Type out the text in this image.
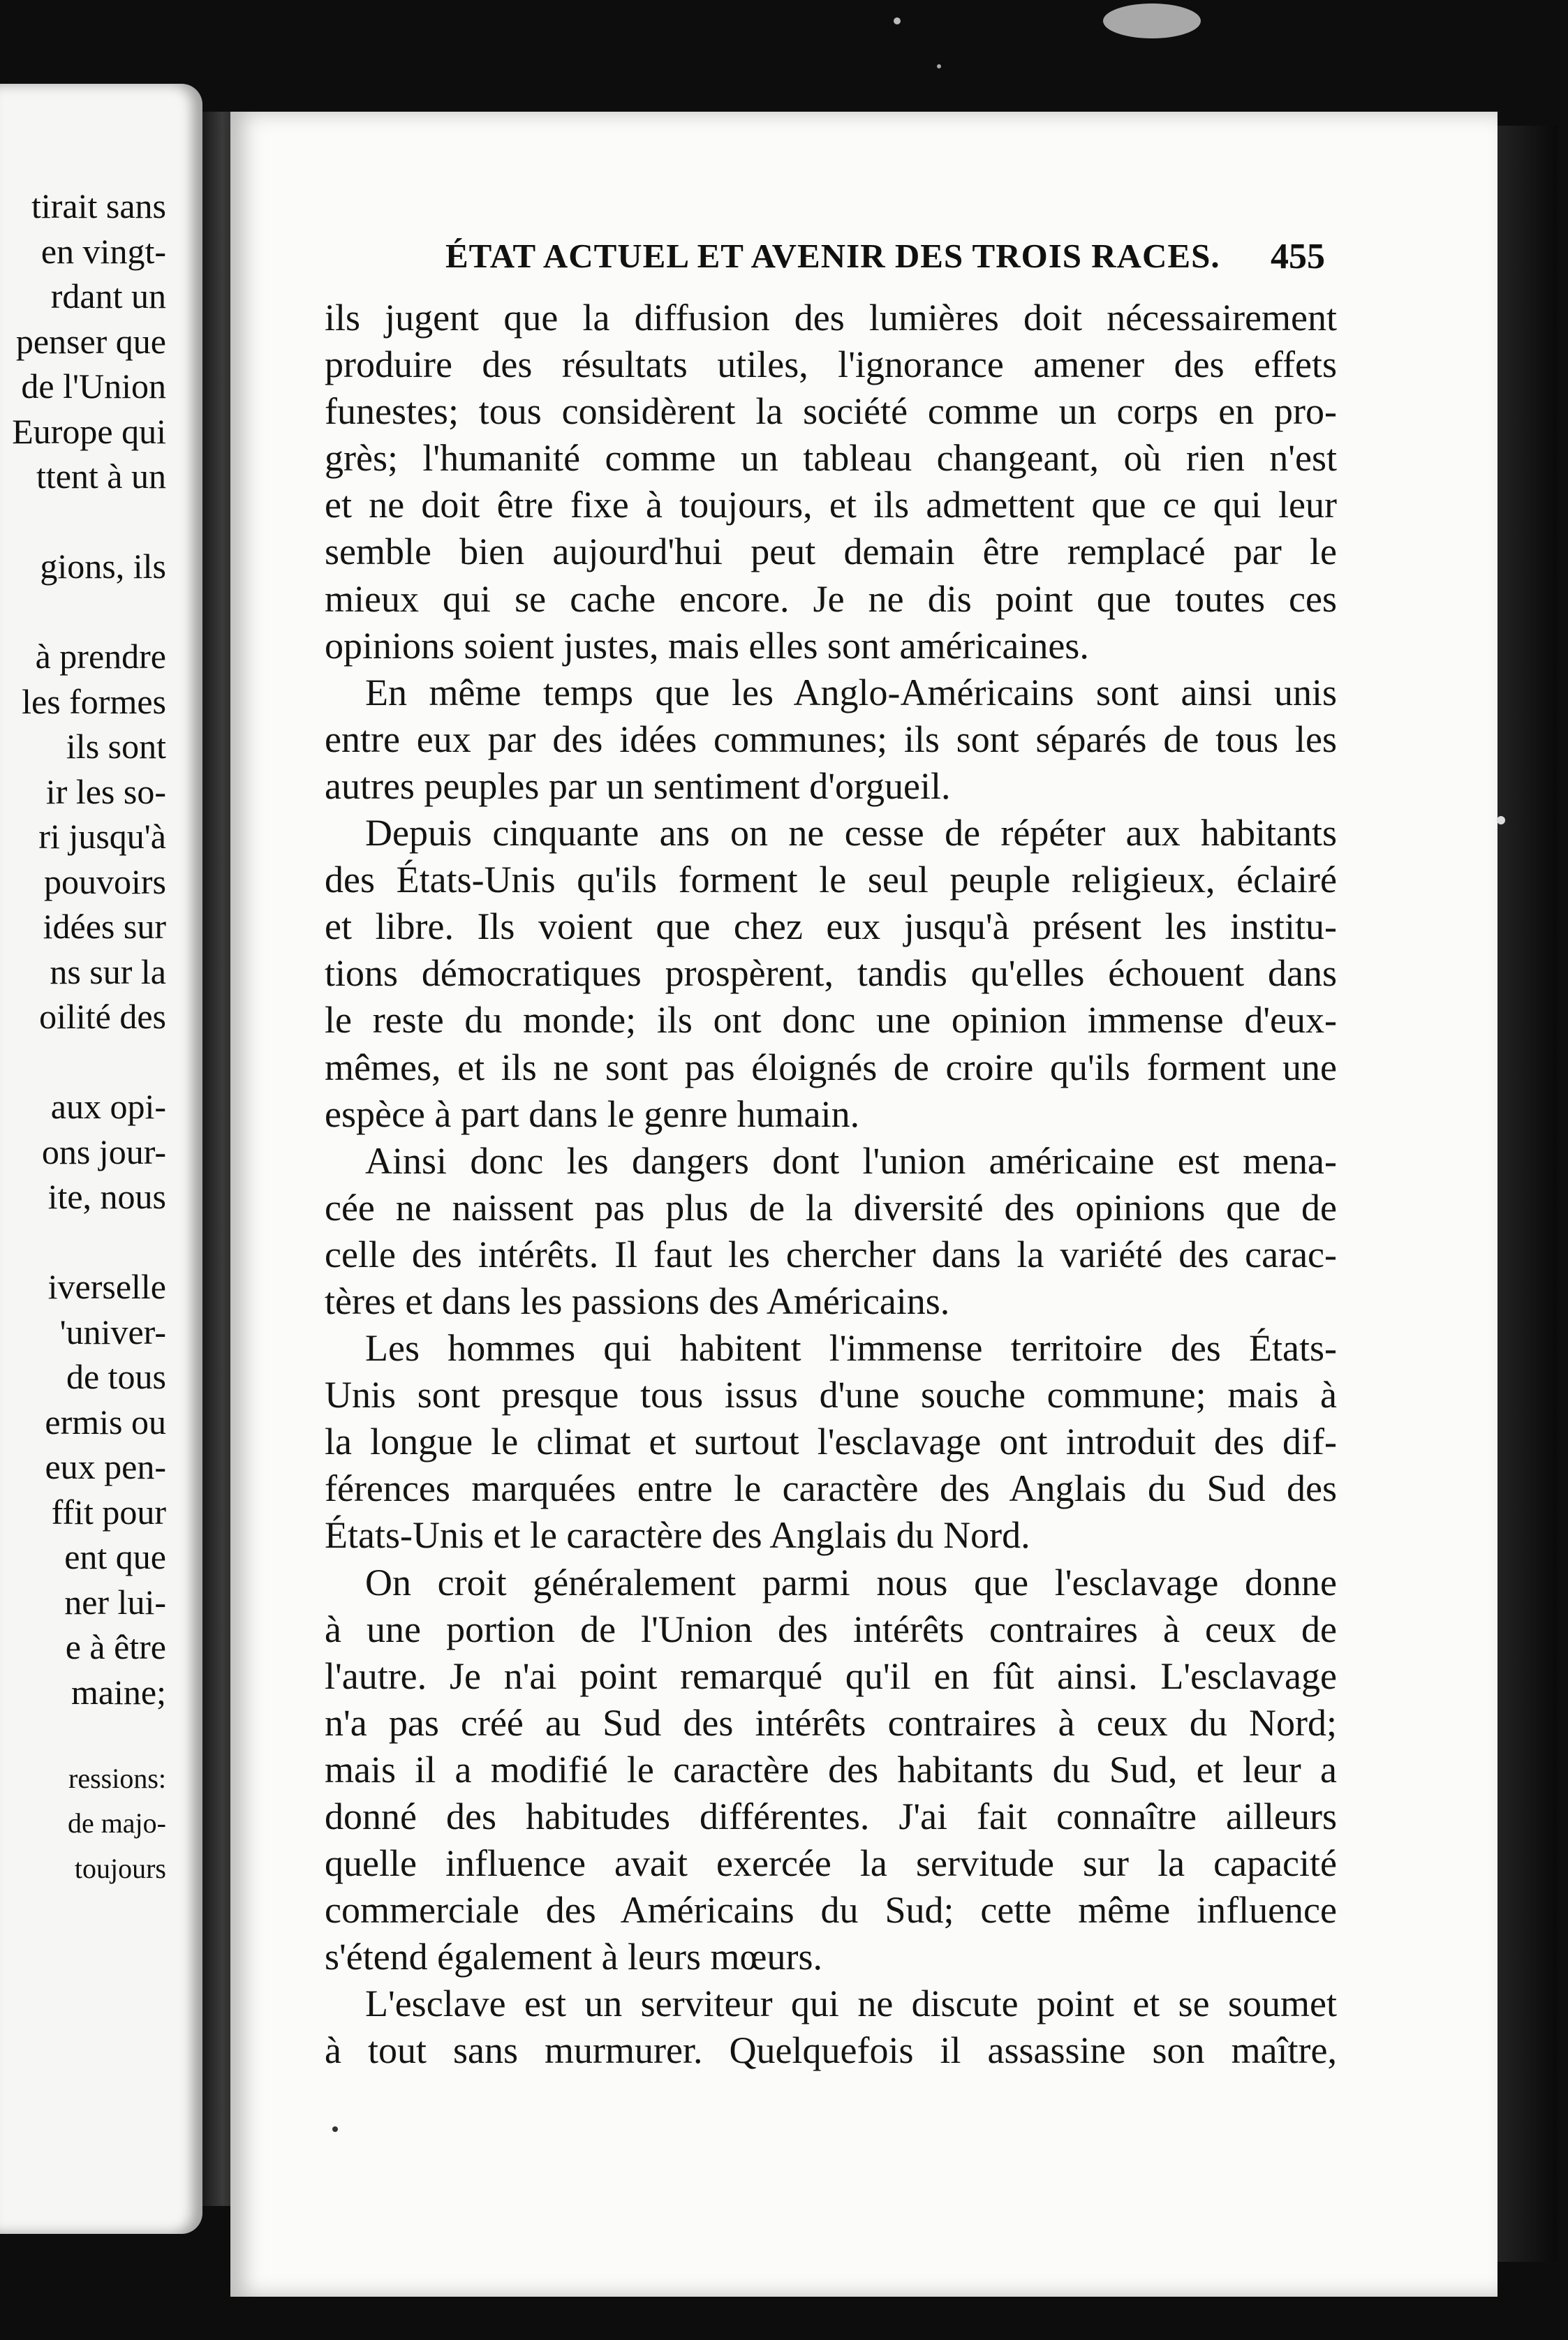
tirait sans
en vingt-
rdant un
penser que
de l'Union
Europe qui
ttent à un
gions, ils
à prendre
les formes
ils sont
ir les so-
ri jusqu'à
pouvoirs
idées sur
ns sur la
oilité des
aux opi-
ons jour-
ite, nous
iverselle
'univer-
de tous
ermis ou
eux pen-
ffit pour
ent que
ner lui-
e à être
maine;
ressions:
de majo-
toujours
ÉTAT ACTUEL ET AVENIR DES TROIS RACES. 455
ils jugent que la diffusion des lumières doit nécessairement
produire des résultats utiles, l'ignorance amener des effets
funestes; tous considèrent la société comme un corps en pro-
grès; l'humanité comme un tableau changeant, où rien n'est
et ne doit être fixe à toujours, et ils admettent que ce qui leur
semble bien aujourd'hui peut demain être remplacé par le
mieux qui se cache encore. Je ne dis point que toutes ces
opinions soient justes, mais elles sont américaines.
En même temps que les Anglo-Américains sont ainsi unis
entre eux par des idées communes; ils sont séparés de tous les
autres peuples par un sentiment d'orgueil.
Depuis cinquante ans on ne cesse de répéter aux habitants
des États-Unis qu'ils forment le seul peuple religieux, éclairé
et libre. Ils voient que chez eux jusqu'à présent les institu-
tions démocratiques prospèrent, tandis qu'elles échouent dans
le reste du monde; ils ont donc une opinion immense d'eux-
mêmes, et ils ne sont pas éloignés de croire qu'ils forment une
espèce à part dans le genre humain.
Ainsi donc les dangers dont l'union américaine est mena-
cée ne naissent pas plus de la diversité des opinions que de
celle des intérêts. Il faut les chercher dans la variété des carac-
tères et dans les passions des Américains.
Les hommes qui habitent l'immense territoire des États-
Unis sont presque tous issus d'une souche commune; mais à
la longue le climat et surtout l'esclavage ont introduit des dif-
férences marquées entre le caractère des Anglais du Sud des
États-Unis et le caractère des Anglais du Nord.
On croit généralement parmi nous que l'esclavage donne
à une portion de l'Union des intérêts contraires à ceux de
l'autre. Je n'ai point remarqué qu'il en fût ainsi. L'esclavage
n'a pas créé au Sud des intérêts contraires à ceux du Nord;
mais il a modifié le caractère des habitants du Sud, et leur a
donné des habitudes différentes. J'ai fait connaître ailleurs
quelle influence avait exercée la servitude sur la capacité
commerciale des Américains du Sud; cette même influence
s'étend également à leurs mœurs.
L'esclave est un serviteur qui ne discute point et se soumet
à tout sans murmurer. Quelquefois il assassine son maître,
